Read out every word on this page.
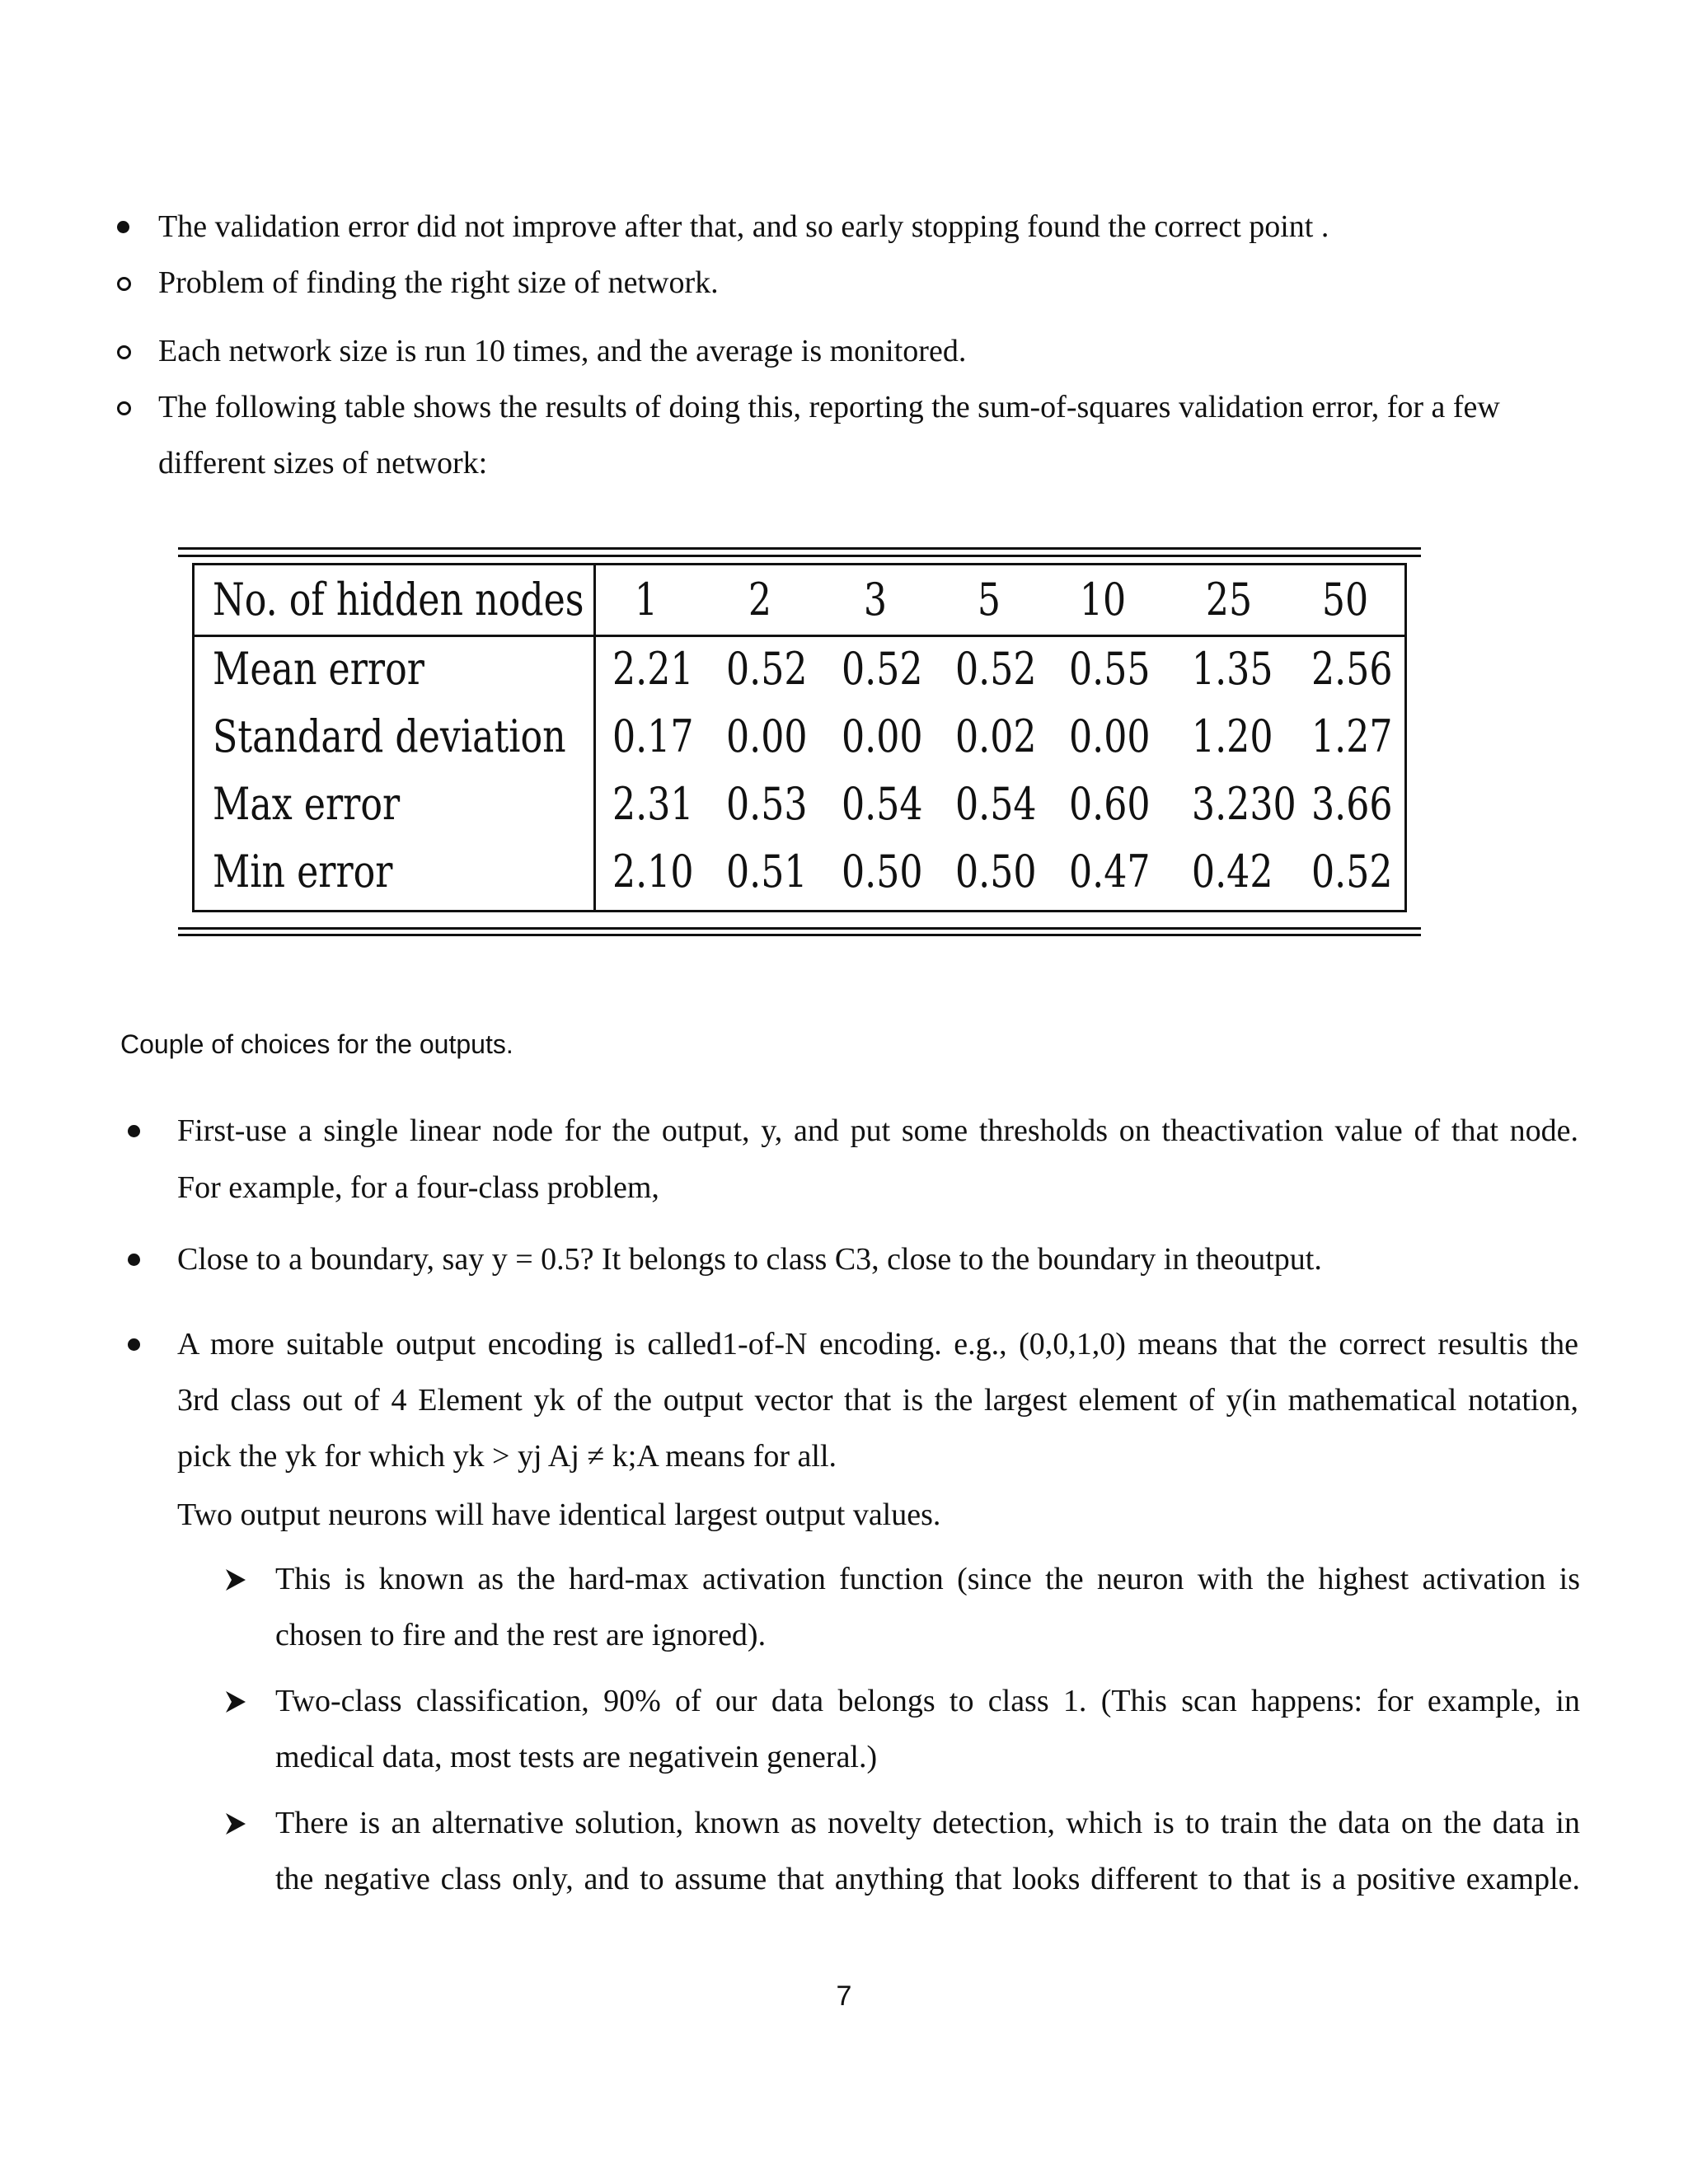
The validation error did not improve after that, and so early stopping found the correct point .
Problem of finding the right size of network.
Each network size is run 10 times, and the average is monitored.
The following table shows the results of doing this, reporting the sum-of-squares validation error, for a few
different sizes of network:
No. of hidden nodes	1	2	3	5	10	25	50
Mean error	2.21 0.52 0.52 0.52 0.55 1.35 2.56
Standard deviation 0.17 0.00 0.00 0.02 0.00 1.20 1.27
Max error	2.31 0.53 0.54 0.54 0.60 3.230 3.66
Min error	2.10 0.51 0.50 0.50 0.47 0.42 0.52
Couple of choices for the outputs.
First-use a single linear node for the output, y, and put some thresholds on theactivation value of that node.
For example, for a four-class problem,
Close to a boundary, say y = 0.5? It belongs to class C3, close to the boundary in theoutput.
A more suitable output encoding is called1-of-N encoding. e.g., (0,0,1,0) means that the correct resultis the
3rd class out of 4 Element yk of the output vector that is the largest element of y(in mathematical notation,
pick the yk for which yk > yj Aj ≠ k;A means for all.
Two output neurons will have identical largest output values.
This is known as the hard-max activation function (since the neuron with the highest activation is
chosen to fire and the rest are ignored).
Two-class classification, 90% of our data belongs to class 1. (This scan happens: for example, in
medical data, most tests are negativein general.)
There is an alternative solution, known as novelty detection, which is to train the data on the data in
the negative class only, and to assume that anything that looks different to that is a positive example.
7
